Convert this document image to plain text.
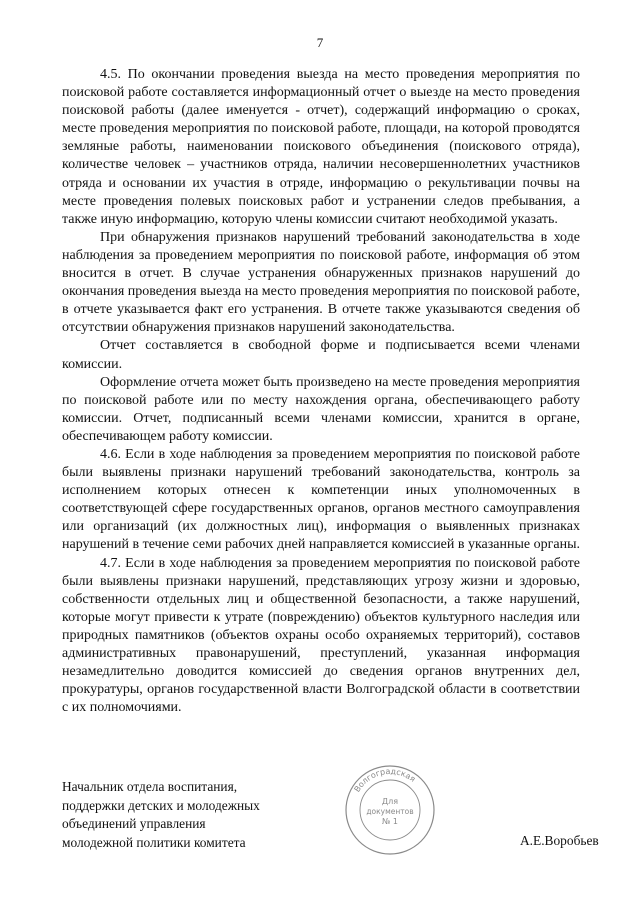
7

4.5. По окончании проведения выезда на место проведения мероприятия по поисковой работе составляется информационный отчет о выезде на место проведения поисковой работы (далее именуется - отчет), содержащий информацию о сроках, месте проведения мероприятия по поисковой работе, площади, на которой проводятся земляные работы, наименовании поискового объединения (поискового отряда), количестве человек – участников отряда, наличии несовершеннолетних участников отряда и основании их участия в отряде, информацию о рекультивации почвы на месте проведения полевых поисковых работ и устранении следов пребывания, а также иную информацию, которую члены комиссии считают необходимой указать.

При обнаружения признаков нарушений требований законодательства в ходе наблюдения за проведением мероприятия по поисковой работе, информация об этом вносится в отчет. В случае устранения обнаруженных признаков нарушений до окончания проведения выезда на место проведения мероприятия по поисковой работе, в отчете указывается факт его устранения. В отчете также указываются сведения об отсутствии обнаружения признаков нарушений законодательства.

Отчет составляется в свободной форме и подписывается всеми членами комиссии.

Оформление отчета может быть произведено на месте проведения мероприятия по поисковой работе или по месту нахождения органа, обеспечивающего работу комиссии. Отчет, подписанный всеми членами комиссии, хранится в органе, обеспечивающем работу комиссии.

4.6. Если в ходе наблюдения за проведением мероприятия по поисковой работе были выявлены признаки нарушений требований законодательства, контроль за исполнением которых отнесен к компетенции иных уполномоченных в соответствующей сфере государственных органов, органов местного самоуправления или организаций (их должностных лиц), информация о выявленных признаках нарушений в течение семи рабочих дней направляется комиссией в указанные органы.

4.7. Если в ходе наблюдения за проведением мероприятия по поисковой работе были выявлены признаки нарушений, представляющих угрозу жизни и здоровью, собственности отдельных лиц и общественной безопасности, а также нарушений, которые могут привести к утрате (повреждению) объектов культурного наследия или природных памятников (объектов охраны особо охраняемых территорий), составов административных правонарушений, преступлений, указанная информация незамедлительно доводится комиссией до сведения органов внутренних дел, прокуратуры, органов государственной власти Волгоградской области в соответствии с их полномочиями.

Начальник отдела воспитания,
поддержки детских и молодежных
объединений управления
молодежной политики комитета
Волгоградская
Для
документов
№ 1
А.Е.Воробьев
